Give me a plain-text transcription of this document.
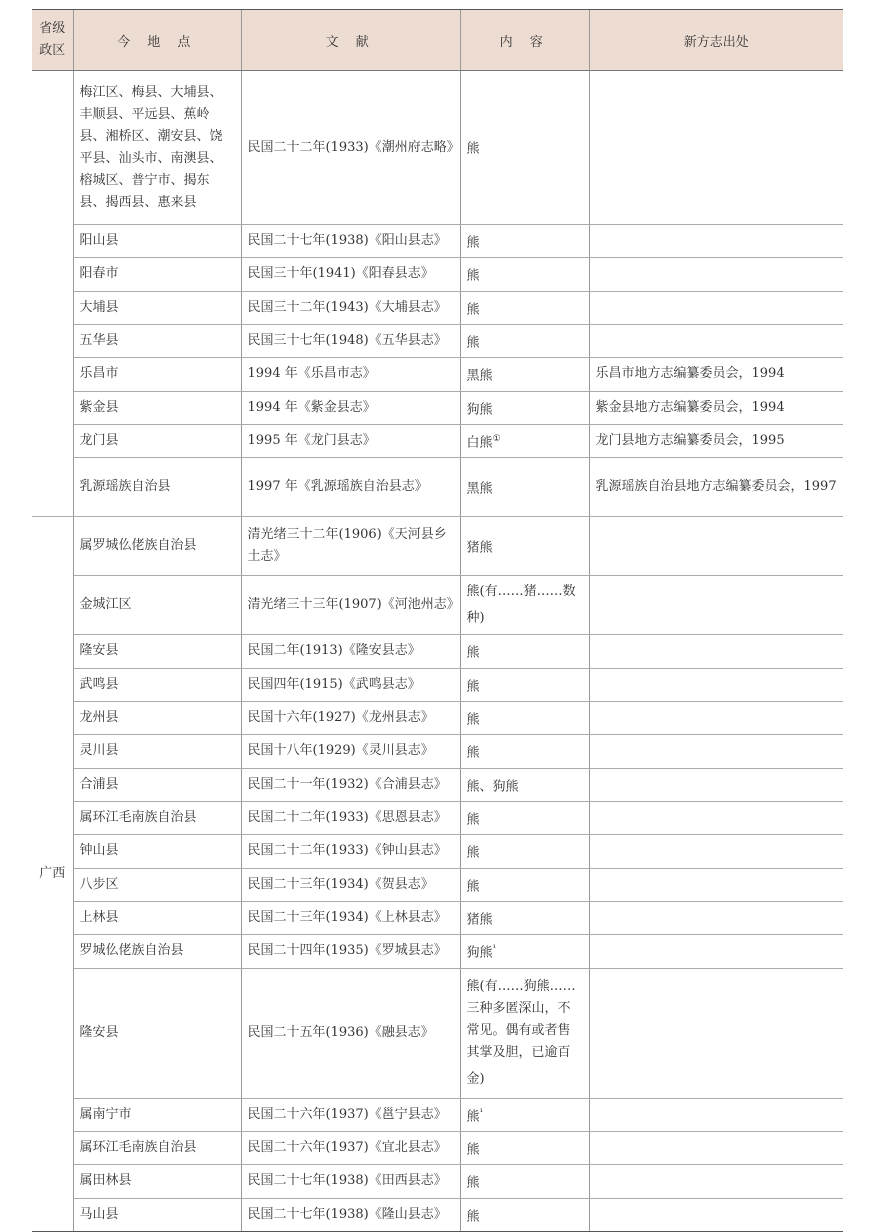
省级
政区	今 地 点	文 献	内 容	新方志出处
	梅江区、梅县、大埔县、丰顺县、平远县、蕉岭县、湘桥区、潮安县、饶平县、汕头市、南澳县、榕城区、普宁市、揭东县、揭西县、惠来县	民国二十二年(1933)《潮州府志略》	熊	
	阳山县	民国二十七年(1938)《阳山县志》	熊	
	阳春市	民国三十年(1941)《阳春县志》	熊	
	大埔县	民国三十二年(1943)《大埔县志》	熊	
	五华县	民国三十七年(1948)《五华县志》	熊	
	乐昌市	1994 年《乐昌市志》	黑熊	乐昌市地方志编纂委员会，1994
	紫金县	1994 年《紫金县志》	狗熊	紫金县地方志编纂委员会，1994
	龙门县	1995 年《龙门县志》	白熊①	龙门县地方志编纂委员会，1995
	乳源瑶族自治县	1997 年《乳源瑶族自治县志》	黑熊	乳源瑶族自治县地方志编纂委员会，1997
广西	属罗城仫佬族自治县	清光绪三十二年(1906)《天河县乡土志》	猪熊	
	金城江区	清光绪三十三年(1907)《河池州志》	熊(有……猪……数种)	
	隆安县	民国二年(1913)《隆安县志》	熊	
	武鸣县	民国四年(1915)《武鸣县志》	熊	
	龙州县	民国十六年(1927)《龙州县志》	熊	
	灵川县	民国十八年(1929)《灵川县志》	熊	
	合浦县	民国二十一年(1932)《合浦县志》	熊、狗熊	
	属环江毛南族自治县	民国二十二年(1933)《思恩县志》	熊	
	钟山县	民国二十二年(1933)《钟山县志》	熊	
	八步区	民国二十三年(1934)《贺县志》	熊	
	上林县	民国二十三年(1934)《上林县志》	猪熊	
	罗城仫佬族自治县	民国二十四年(1935)《罗城县志》	狗熊$^{^1}$	
	隆安县	民国二十五年(1936)《融县志》	熊(有……狗熊……三种多匿深山，不常见。偶有或者售其掌及胆，已逾百金)	
	属南宁市	民国二十六年(1937)《邕宁县志》	熊$^{^1}$	
	属环江毛南族自治县	民国二十六年(1937)《宜北县志》	熊	
	属田林县	民国二十七年(1938)《田西县志》	熊	
	马山县	民国二十七年(1938)《隆山县志》	熊	
